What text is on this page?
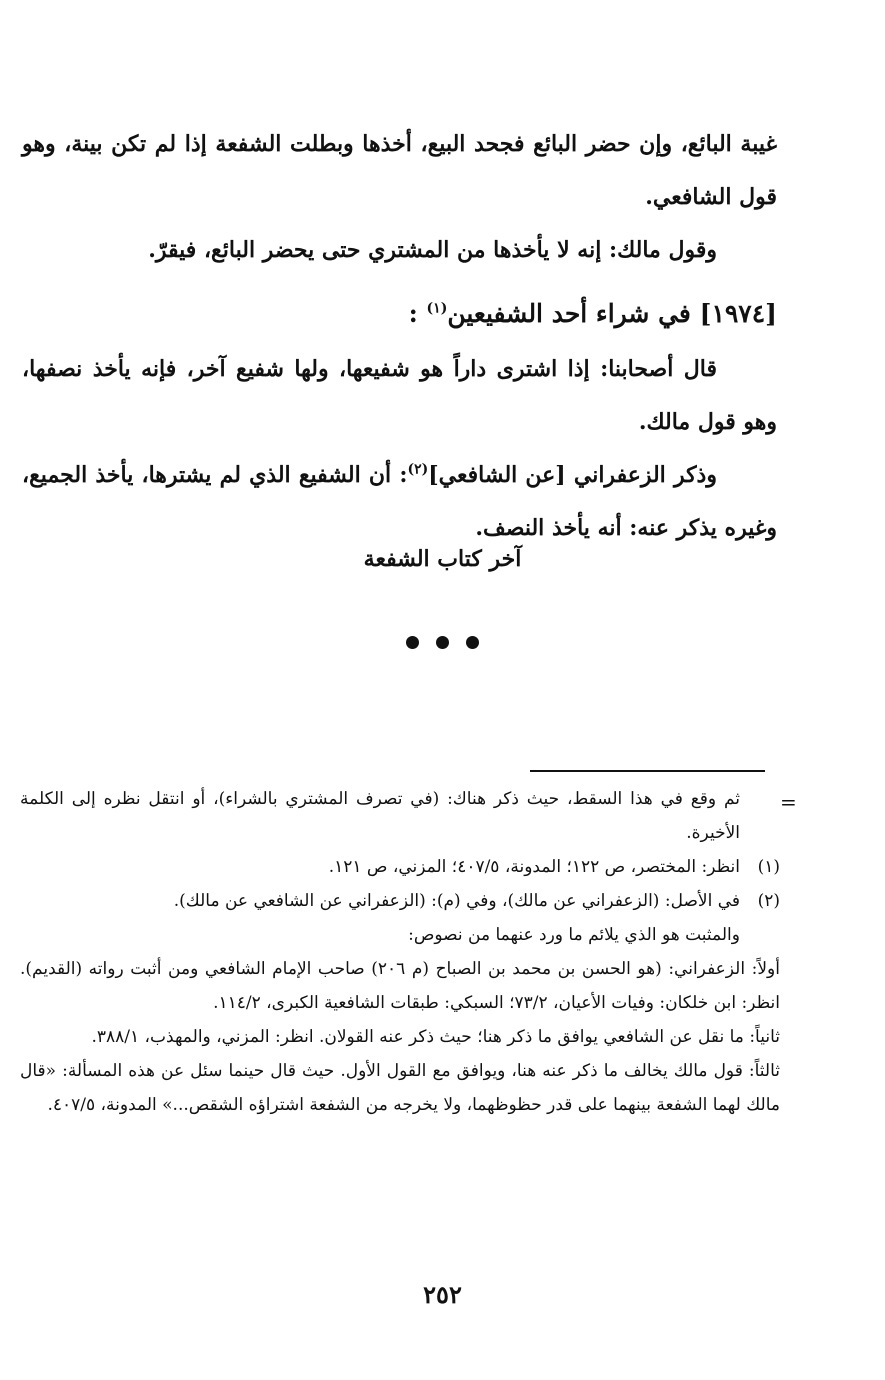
غيبة البائع، وإن حضر البائع فجحد البيع، أخذها وبطلت الشفعة إذا لم تكن بينة، وهو قول الشافعي.

وقول مالك: إنه لا يأخذها من المشتري حتى يحضر البائع، فيقرّ.

[١٩٧٤] في شراء أحد الشفيعين$^{(١)}$ :

قال أصحابنا: إذا اشترى داراً هو شفيعها، ولها شفيع آخر، فإنه يأخذ نصفها، وهو قول مالك.

وذكر الزعفراني [عن الشافعي]$^{(٢)}$: أن الشفيع الذي لم يشترها، يأخذ الجميع، وغيره يذكر عنه: أنه يأخذ النصف.

آخر كتاب الشفعة

=
ثم وقع في هذا السقط، حيث ذكر هناك: (في تصرف المشتري بالشراء)، أو انتقل نظره إلى الكلمة الأخيرة.
(١)
انظر: المختصر، ص ١٢٢؛ المدونة، ٤٠٧/٥؛ المزني، ص ١٢١.
(٢)
في الأصل: (الزعفراني عن مالك)، وفي (م): (الزعفراني عن الشافعي عن مالك).
والمثبت هو الذي يلائم ما ورد عنهما من نصوص:
أولاً: الزعفراني: (هو الحسن بن محمد بن الصباح (م ٢٠٦) صاحب الإمام الشافعي ومن أثبت رواته (القديم). انظر: ابن خلكان: وفيات الأعيان، ٧٣/٢؛ السبكي: طبقات الشافعية الكبرى، ١١٤/٢.
ثانياً: ما نقل عن الشافعي يوافق ما ذكر هنا؛ حيث ذكر عنه القولان. انظر: المزني، والمهذب، ٣٨٨/١.
ثالثاً: قول مالك يخالف ما ذكر عنه هنا، ويوافق مع القول الأول. حيث قال حينما سئل عن هذه المسألة: «قال مالك لهما الشفعة بينهما على قدر حظوظهما، ولا يخرجه من الشفعة اشتراؤه الشقص...» المدونة، ٤٠٧/٥.
٢٥٢
